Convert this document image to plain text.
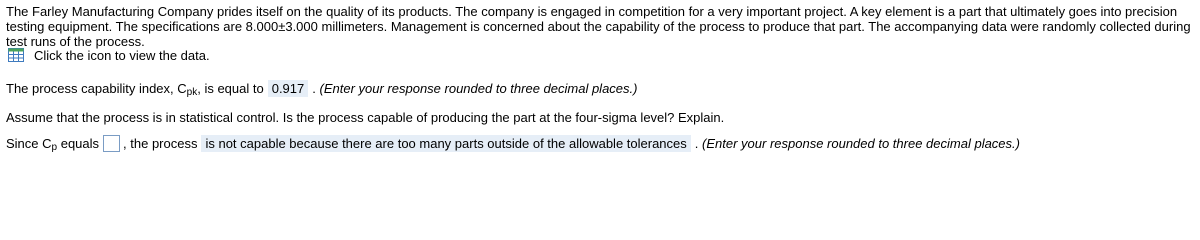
The Farley Manufacturing Company prides itself on the quality of its products. The company is engaged in competition for a very important project. A key element is a part that ultimately goes into precision testing equipment. The specifications are 8.000±3.000 millimeters. Management is concerned about the capability of the process to produce that part. The accompanying data were randomly collected during test runs of the process.
Click the icon to view the data.
The process capability index, C pk , is equal to 0.917 .
(Enter your response rounded to three decimal places.)
Assume that the process is in statistical control. Is the process capable of producing the part at the four-sigma level? Explain.
Since C p
equals , the process is not capable because there are too many parts outside of the allowable tolerances .
(Enter your response rounded to three decimal places.)
